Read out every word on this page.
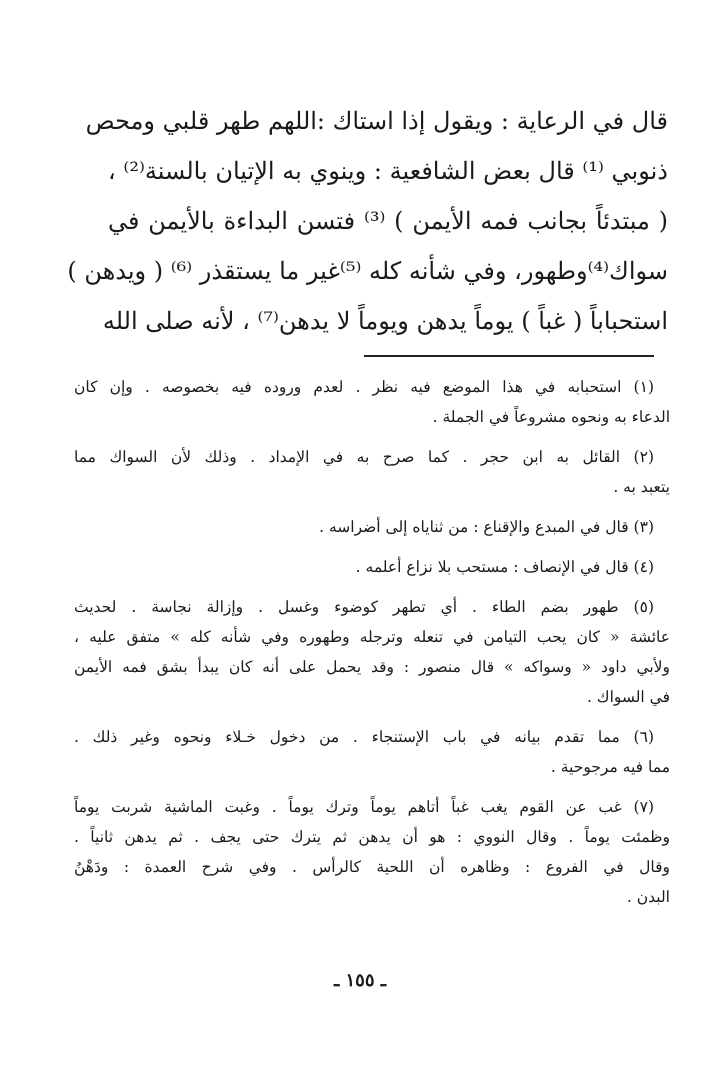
قال في الرعاية : ويقول إذا استاك :اللهم طهر قلبي ومحص
ذنوبي ⁽¹⁾ قال بعض الشافعية : وينوي به الإتيان بالسنة⁽²⁾ ،
( مبتدئاً بجانب فمه الأيمن ) ⁽³⁾ فتسن البداءة بالأيمن في
سواك⁽⁴⁾وطهور، وفي شأنه كله ⁽⁵⁾غير ما يستقذر ⁽⁶⁾ ( ويدهن )
استحباباً ( غباً ) يوماً يدهن ويوماً لا يدهن⁽⁷⁾ ، لأنه صلى الله
(١) استحبابه في هذا الموضع فيه نظر . لعدم وروده فيه بخصوصه . وإن كان
الدعاء به ونحوه مشروعاً في الجملة .
(٢) القائل به ابن حجر . كما صرح به في الإمداد . وذلك لأن السواك مما
يتعبد به .
(٣) قال في المبدع والإقناع : من ثناياه إلى أضراسه .
(٤) قال في الإنصاف : مستحب بلا نزاع أعلمه .
(٥) طهور بضم الطاء . أي تطهر كوضوء وغسل . وإزالة نجاسة . لحديث
عائشة « كان يحب التيامن في تنعله وترجله وطهوره وفي شأنه كله » متفق عليه ،
ولأبي داود « وسواكه » قال منصور : وقد يحمل على أنه كان يبدأ بشق فمه الأيمن
في السواك .
(٦) مما تقدم بيانه في باب الإستنجاء . من دخول خـلاء ونحوه وغير ذلك .
مما فيه مرجوحية .
(٧) غب عن القوم يغب غباً أتاهم يوماً وترك يوماً . وغبت الماشية شربت يوماً
وظمئت يوماً . وقال النووي : هو أن يدهن ثم يترك حتى يجف . ثم يدهن ثانياً .
وقال في الفروع : وظاهره أن اللحية كالرأس . وفي شرح العمدة : ودَهْنُ
البدن .
ـ ١٥٥ ـ
